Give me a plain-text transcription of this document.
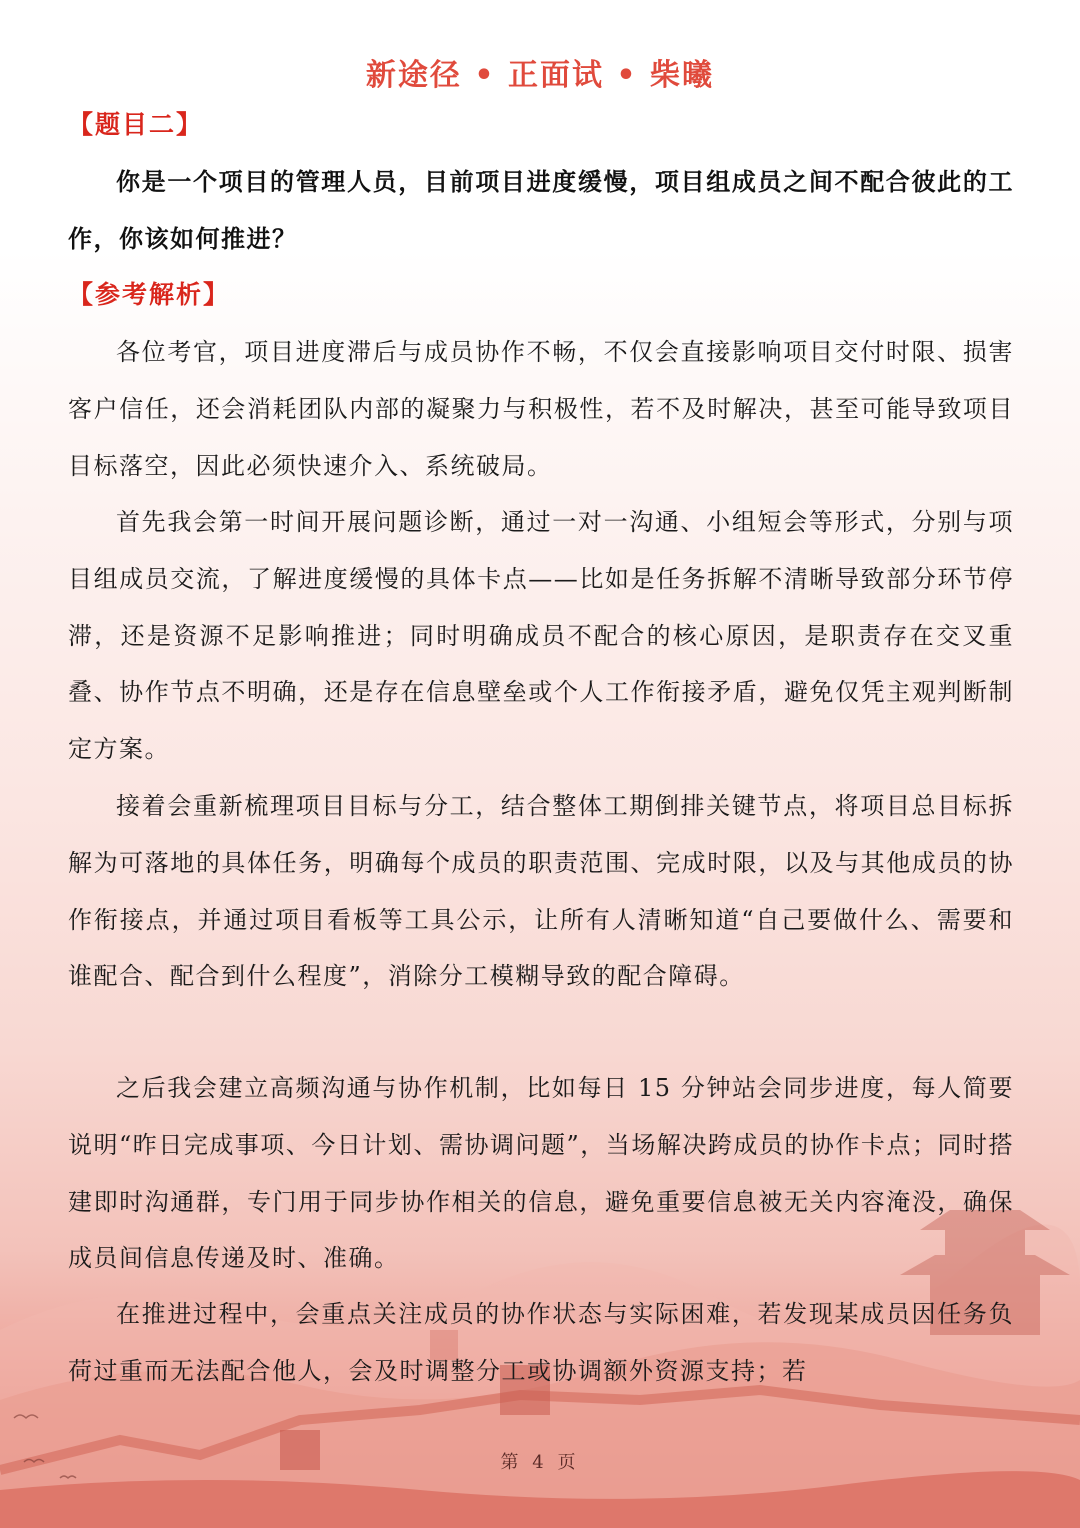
新途径 • 正面试 • 柴曦
【题目二】

你是一个项目的管理人员，目前项目进度缓慢，项目组成员之间不配合彼此的工作，你该如何推进？

【参考解析】

各位考官，项目进度滞后与成员协作不畅，不仅会直接影响项目交付时限、损害客户信任，还会消耗团队内部的凝聚力与积极性，若不及时解决，甚至可能导致项目目标落空，因此必须快速介入、系统破局。

首先我会第一时间开展问题诊断，通过一对一沟通、小组短会等形式，分别与项目组成员交流，了解进度缓慢的具体卡点——比如是任务拆解不清晰导致部分环节停滞，还是资源不足影响推进；同时明确成员不配合的核心原因，是职责存在交叉重叠、协作节点不明确，还是存在信息壁垒或个人工作衔接矛盾，避免仅凭主观判断制定方案。

接着会重新梳理项目目标与分工，结合整体工期倒排关键节点，将项目总目标拆解为可落地的具体任务，明确每个成员的职责范围、完成时限，以及与其他成员的协作衔接点，并通过项目看板等工具公示，让所有人清晰知道“自己要做什么、需要和谁配合、配合到什么程度”，消除分工模糊导致的配合障碍。

之后我会建立高频沟通与协作机制，比如每日 15 分钟站会同步进度，每人简要说明“昨日完成事项、今日计划、需协调问题”，当场解决跨成员的协作卡点；同时搭建即时沟通群，专门用于同步协作相关的信息，避免重要信息被无关内容淹没，确保成员间信息传递及时、准确。

在推进过程中，会重点关注成员的协作状态与实际困难，若发现某成员因任务负荷过重而无法配合他人，会及时调整分工或协调额外资源支持；若

第 4 页
